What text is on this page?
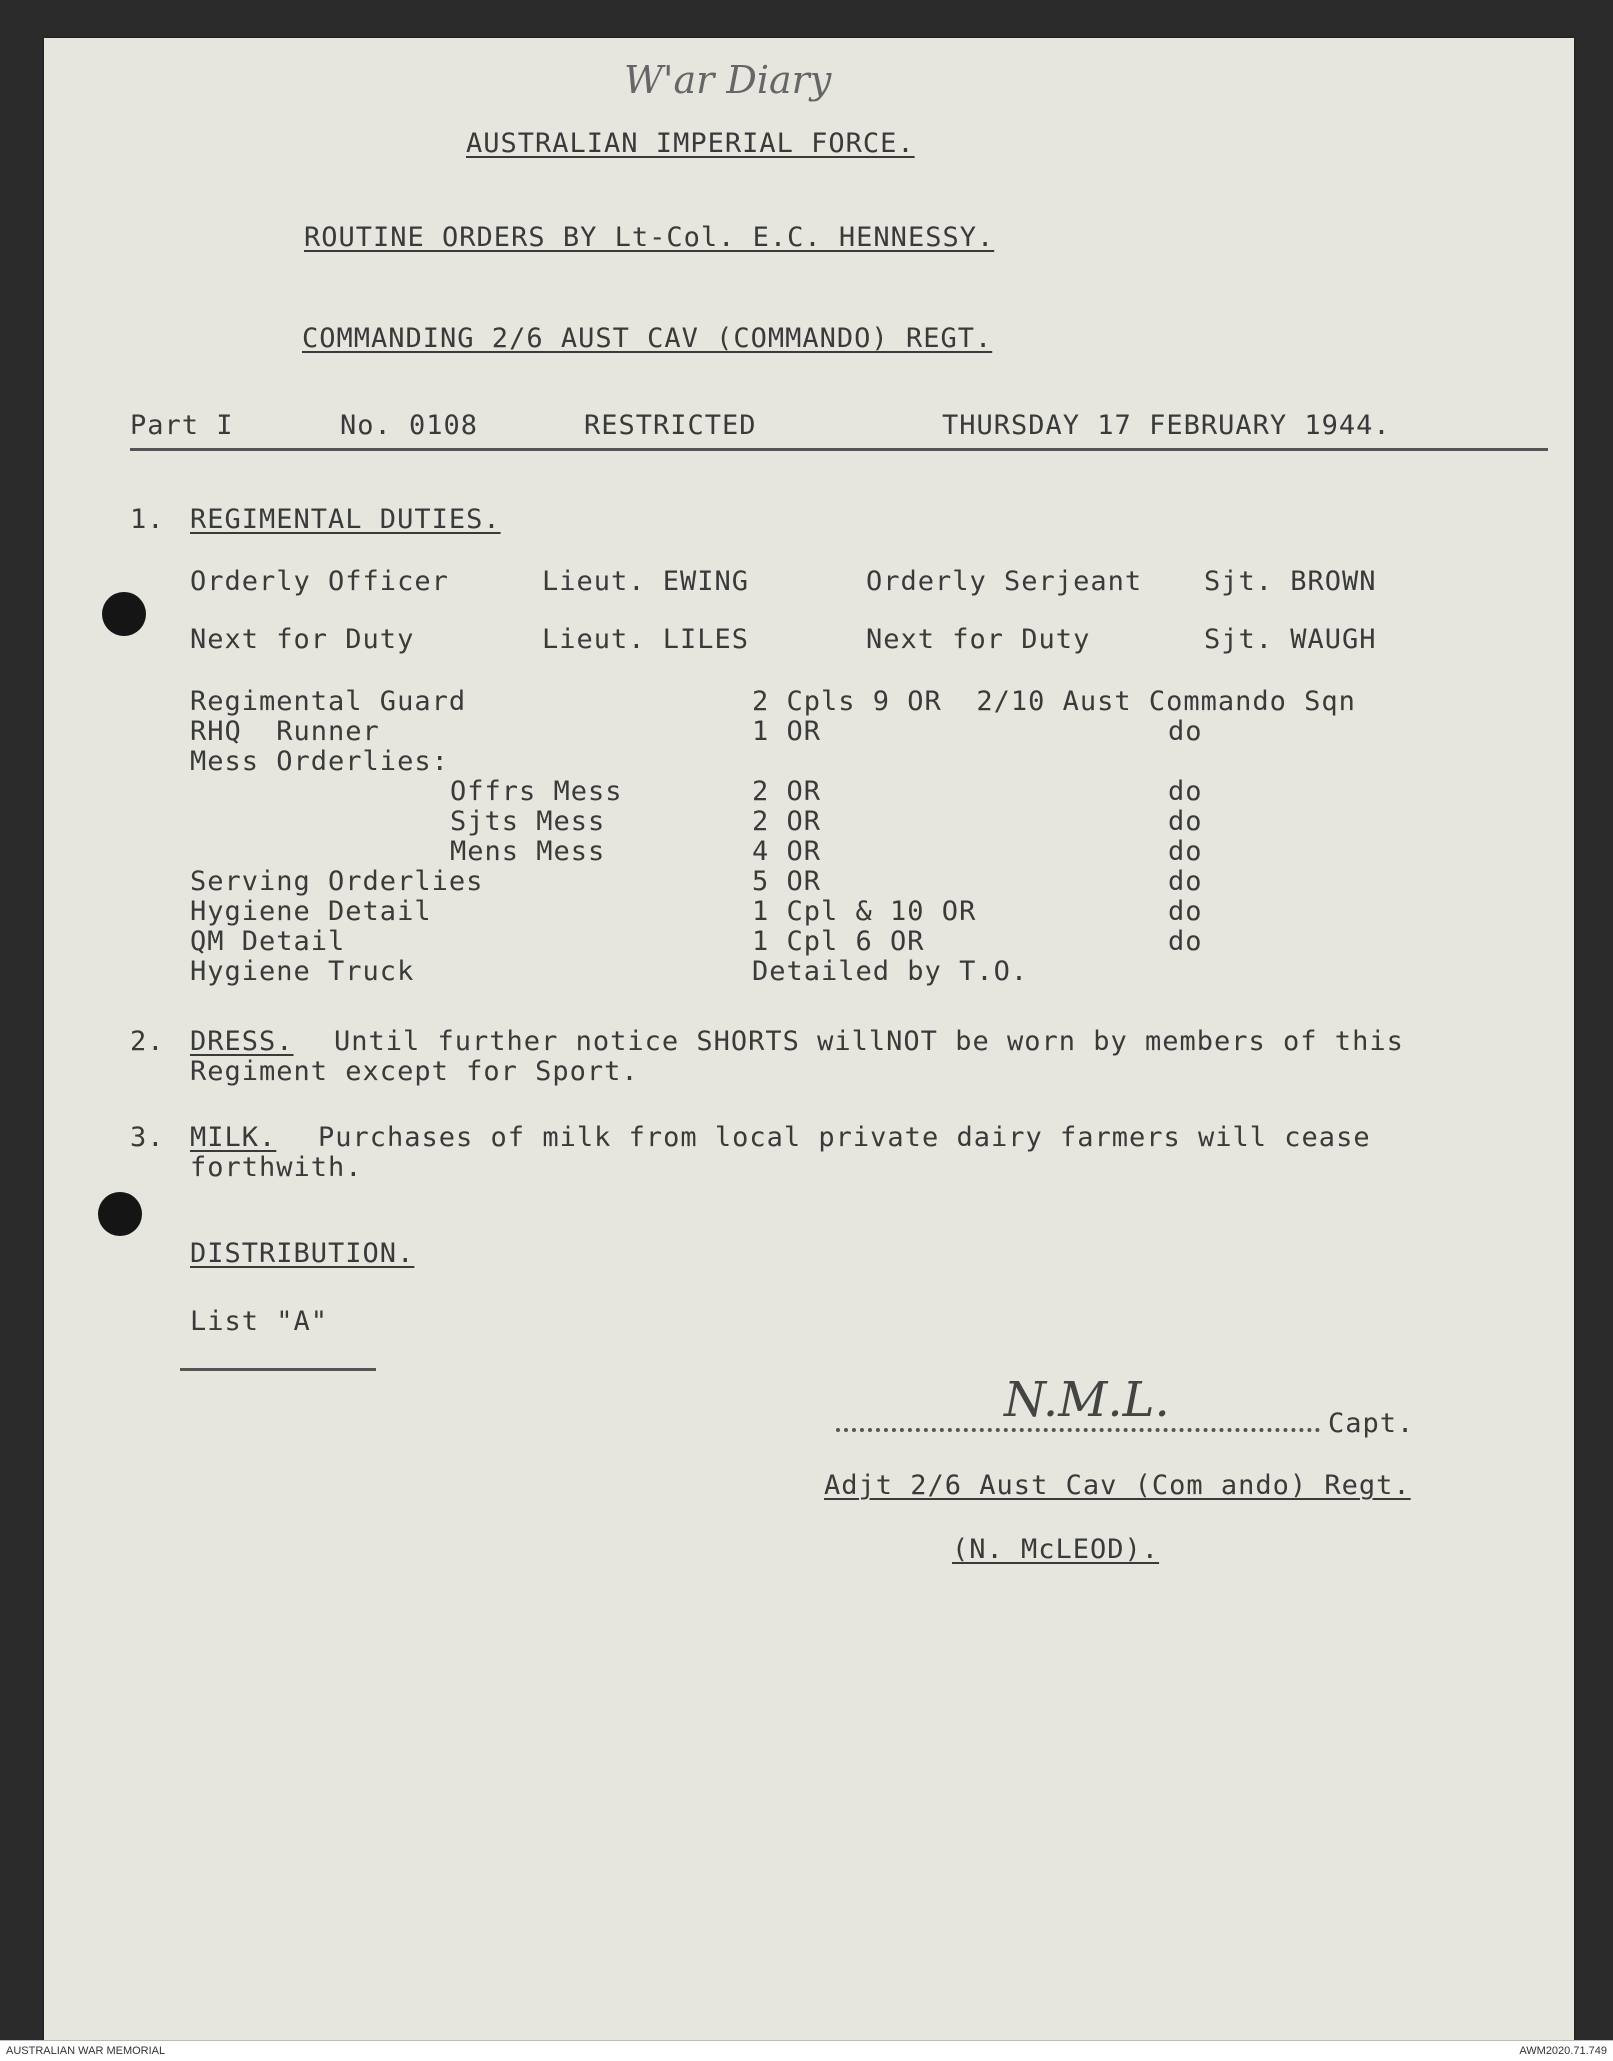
W'ar Diary
AUSTRALIAN IMPERIAL FORCE.
ROUTINE ORDERS BY Lt-Col. E.C. HENNESSY.
COMMANDING 2/6 AUST CAV (COMMANDO) REGT.
Part I	No. 0108	RESTRICTED	THURSDAY 17 FEBRUARY 1944.
1. REGIMENTAL DUTIES.
Orderly Officer	Lieut. EWING	Orderly Serjeant Sjt. BROWN
Next for Duty	Lieut. LILES	Next for Duty	Sjt. WAUGH
Regimental Guard	2 Cpls 9 OR  2/10 Aust Commando Sqn
RHQ  Runner	1 OR	do
Mess Orderlies:
Offrs Mess	2 OR	do
Sjts Mess	2 OR	do
Mens Mess	4 OR	do
Serving Orderlies	5 OR	do
Hygiene Detail	1 Cpl & 10 OR	do
QM Detail	1 Cpl 6 OR	do
Hygiene Truck	Detailed by T.O.
2. DRESS. Until further notice SHORTS willNOT be worn by members of this
Regiment except for Sport.
3. MILK. Purchases of milk from local private dairy farmers will cease
forthwith.
DISTRIBUTION.
List "A"
N.M.L.	Capt.
Adjt 2/6 Aust Cav (Com ando) Regt.
(N. McLEOD).
AUSTRALIAN WAR MEMORIAL	AWM2020.71.749
